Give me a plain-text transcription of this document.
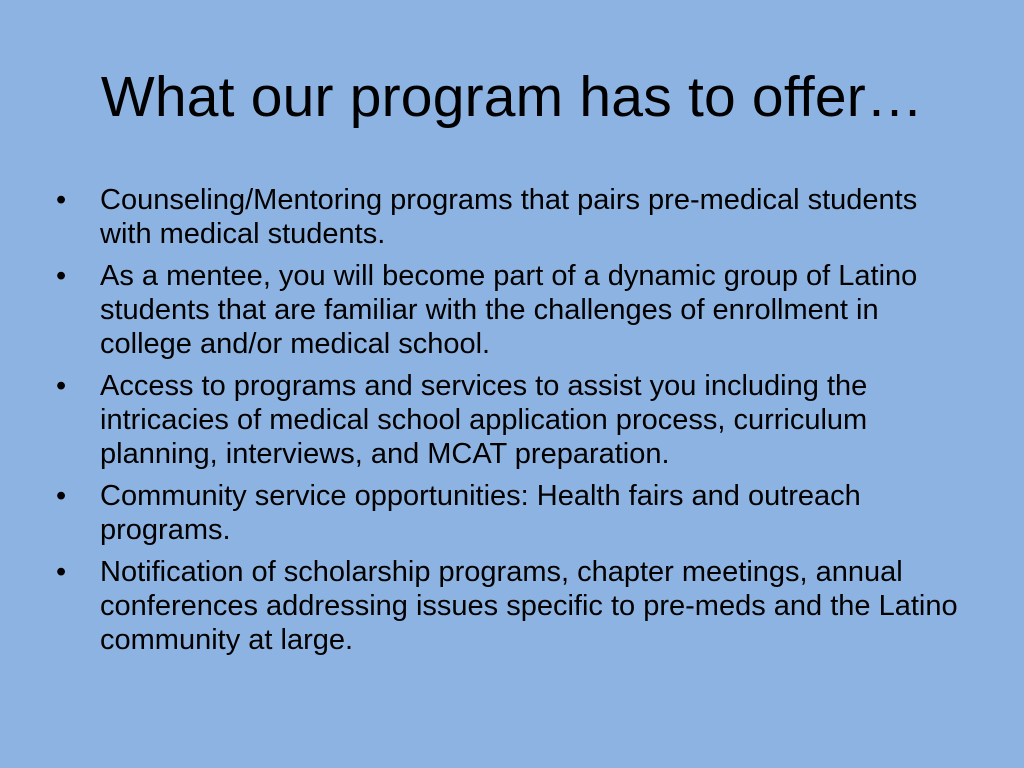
What our program has to offer…
•	Counseling/Mentoring programs that pairs pre-medical students with medical students.
•	As a mentee, you will become part of a dynamic group of Latino students that are familiar with the challenges of enrollment in college and/or medical school.
•	Access to programs and services to assist you including the intricacies of medical school application process, curriculum planning, interviews, and MCAT preparation.
•	Community service opportunities: Health fairs and outreach programs.
•	Notification of scholarship programs, chapter meetings, annual conferences addressing issues specific to pre-meds and the Latino community at large.
